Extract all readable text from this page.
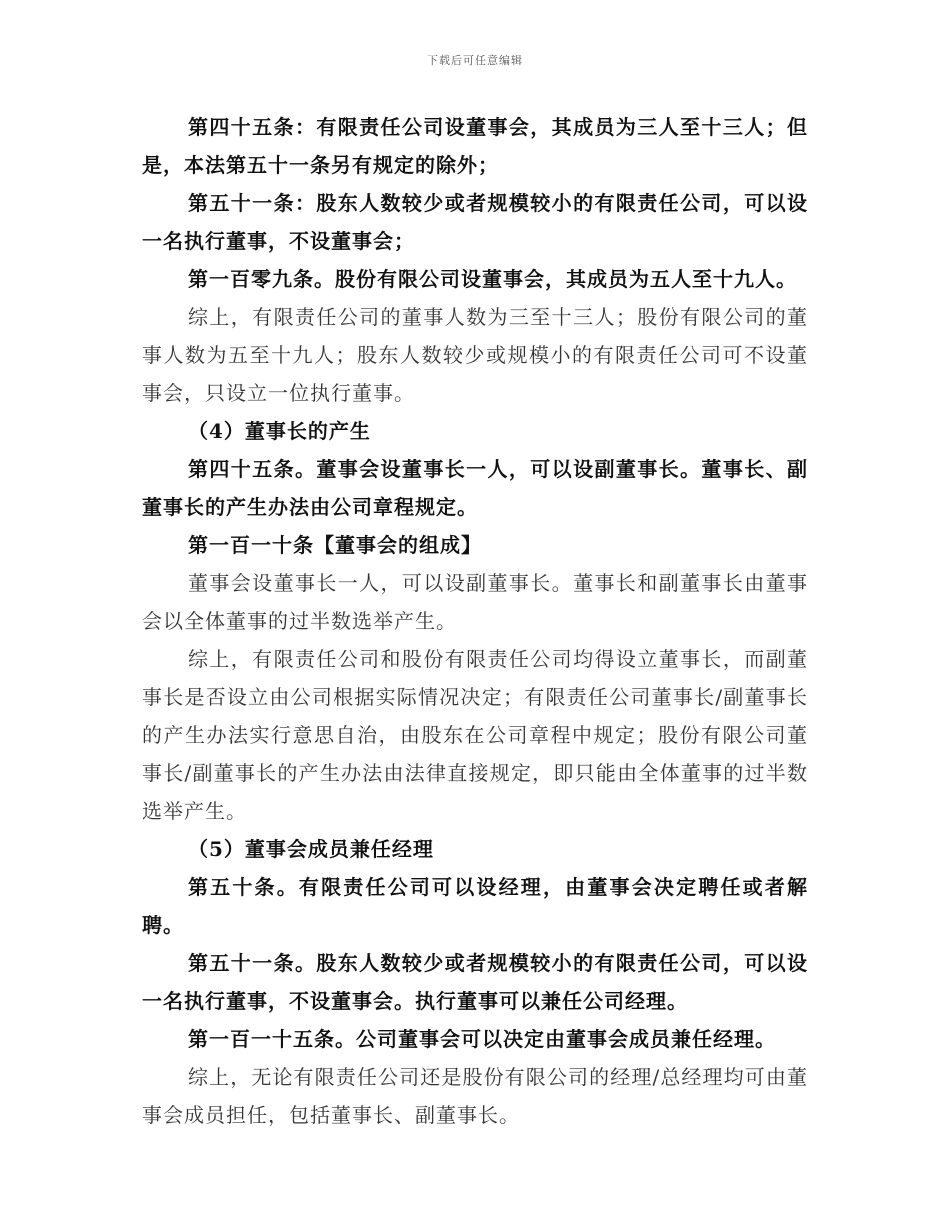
下载后可任意编辑

第四十五条：有限责任公司设董事会，其成员为三人至十三人；但是，本法第五十一条另有规定的除外；

第五十一条：股东人数较少或者规模较小的有限责任公司，可以设一名执行董事，不设董事会；

第一百零九条。股份有限公司设董事会，其成员为五人至十九人。

综上，有限责任公司的董事人数为三至十三人；股份有限公司的董事人数为五至十九人；股东人数较少或规模小的有限责任公司可不设董事会，只设立一位执行董事。

（4）董事长的产生

第四十五条。董事会设董事长一人，可以设副董事长。董事长、副董事长的产生办法由公司章程规定。

第一百一十条【董事会的组成】

董事会设董事长一人，可以设副董事长。董事长和副董事长由董事会以全体董事的过半数选举产生。

综上，有限责任公司和股份有限责任公司均得设立董事长，而副董事长是否设立由公司根据实际情况决定；有限责任公司董事长/副董事长的产生办法实行意思自治，由股东在公司章程中规定；股份有限公司董事长/副董事长的产生办法由法律直接规定，即只能由全体董事的过半数选举产生。

（5）董事会成员兼任经理

第五十条。有限责任公司可以设经理，由董事会决定聘任或者解聘。

第五十一条。股东人数较少或者规模较小的有限责任公司，可以设一名执行董事，不设董事会。执行董事可以兼任公司经理。

第一百一十五条。公司董事会可以决定由董事会成员兼任经理。

综上，无论有限责任公司还是股份有限公司的经理/总经理均可由董事会成员担任，包括董事长、副董事长。
